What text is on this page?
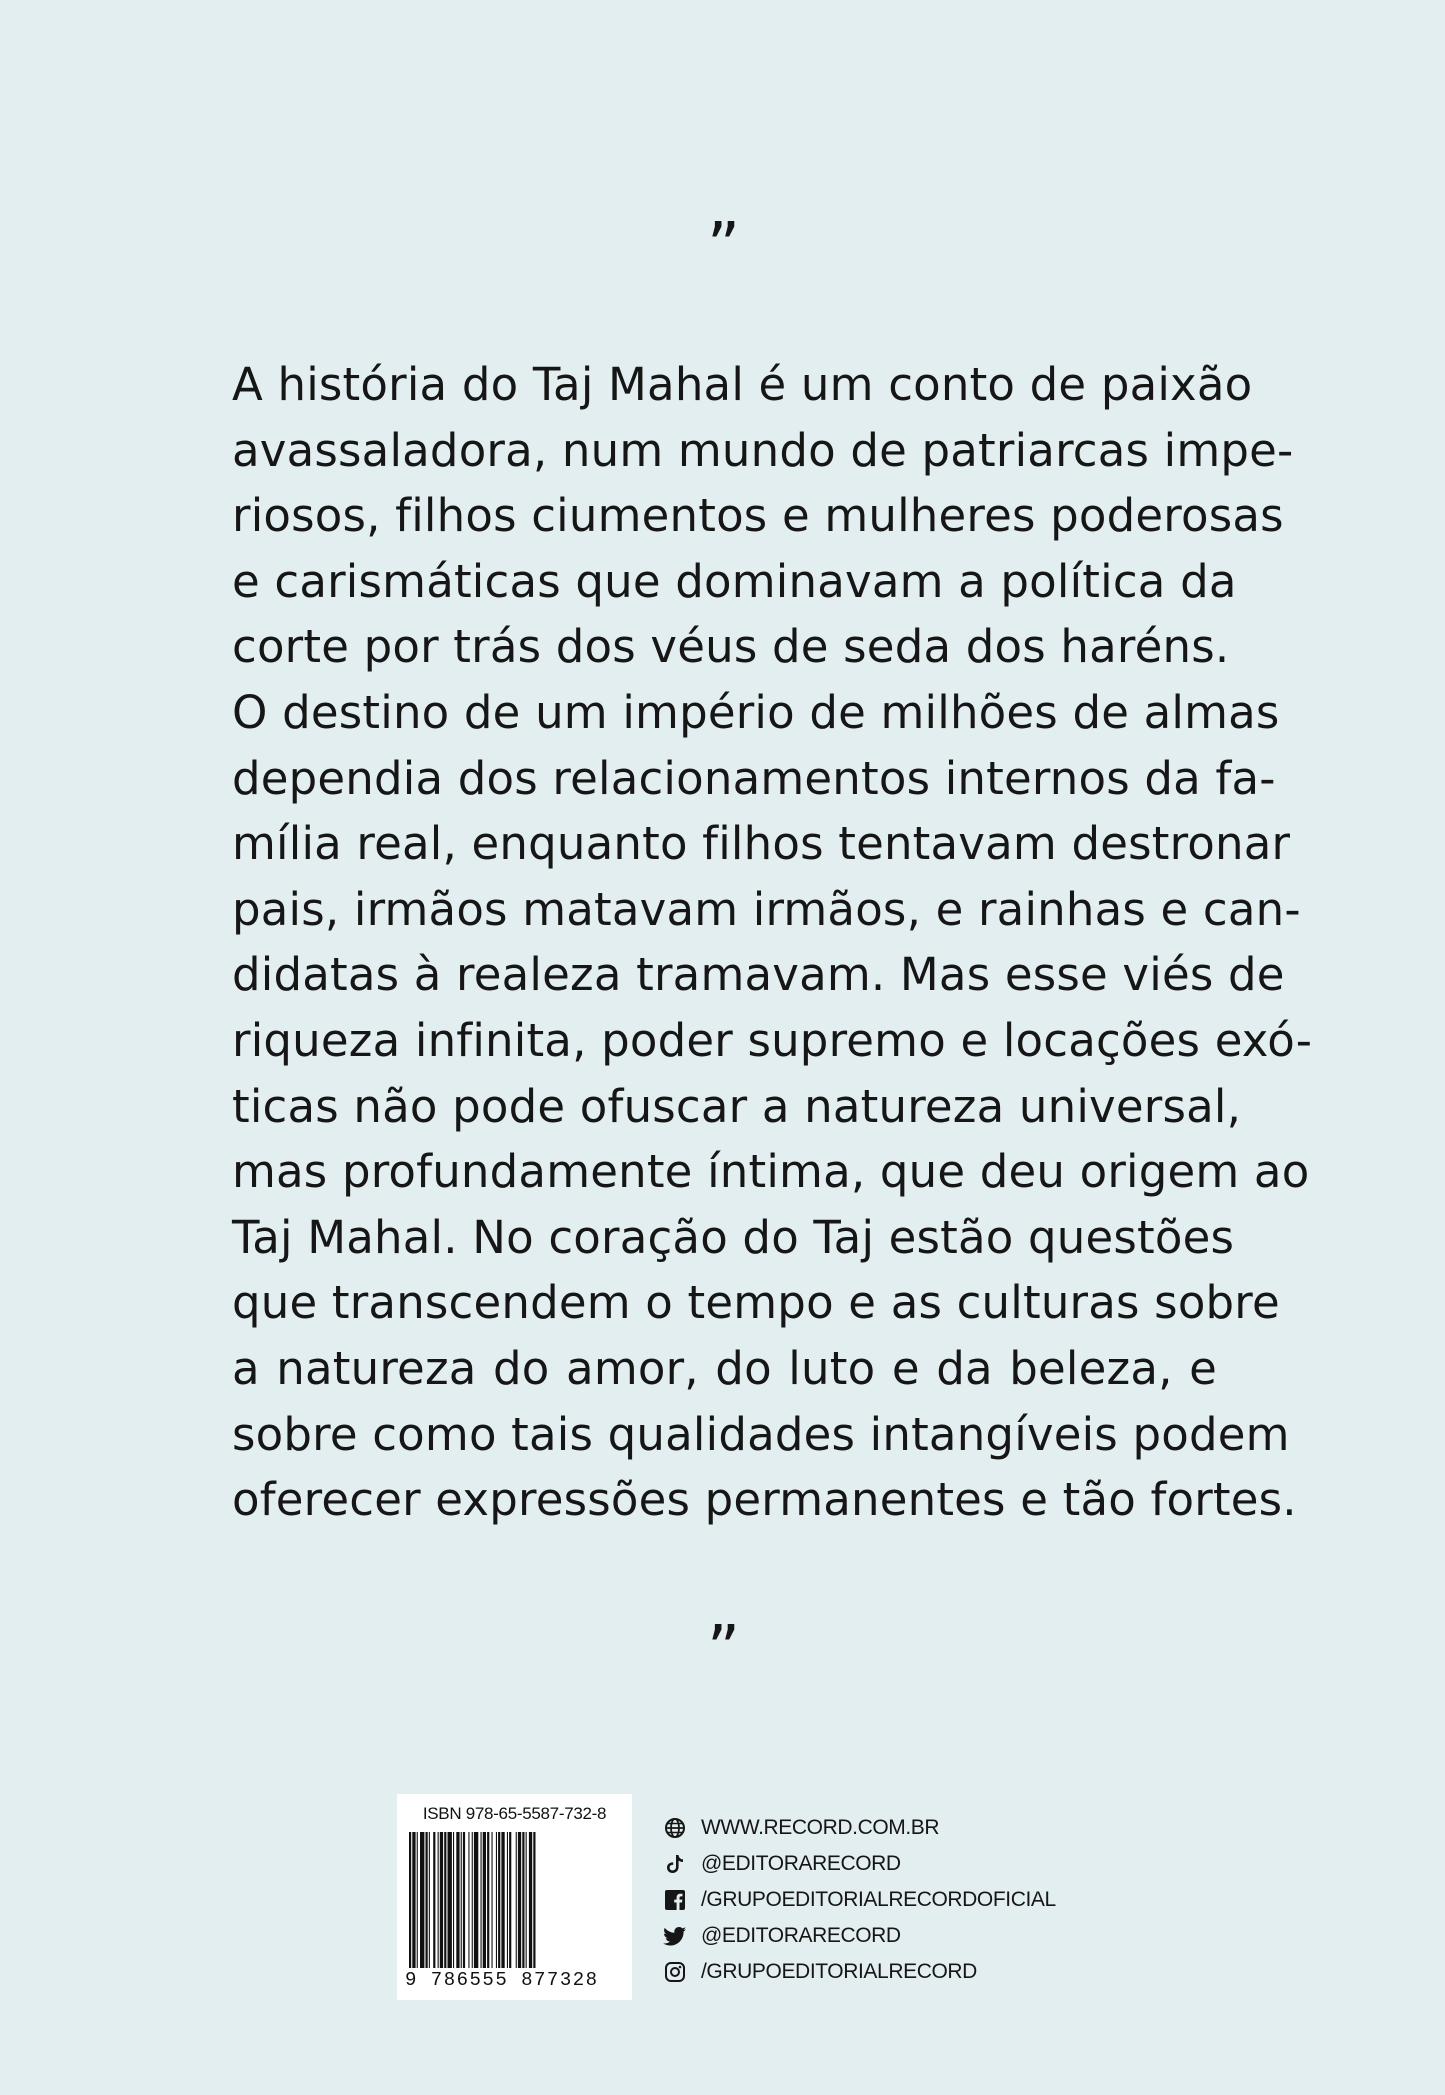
”
A história do Taj Mahal é um conto de paixão
avassaladora, num mundo de patriarcas impe-
riosos, filhos ciumentos e mulheres poderosas
e carismáticas que dominavam a política da
corte por trás dos véus de seda dos haréns.
O destino de um império de milhões de almas
dependia dos relacionamentos internos da fa-
mília real, enquanto filhos tentavam destronar
pais, irmãos matavam irmãos, e rainhas e can-
didatas à realeza tramavam. Mas esse viés de
riqueza infinita, poder supremo e locações exó-
ticas não pode ofuscar a natureza universal,
mas profundamente íntima, que deu origem ao
Taj Mahal. No coração do Taj estão questões
que transcendem o tempo e as culturas sobre
a natureza do amor, do luto e da beleza, e
sobre como tais qualidades intangíveis podem
oferecer expressões permanentes e tão fortes.
”
ISBN 978-65-5587-732-8
9 786555 877328
WWW.RECORD.COM.BR
@EDITORARECORD
/GRUPOEDITORIALRECORDOFICIAL
@EDITORARECORD
/GRUPOEDITORIALRECORD
